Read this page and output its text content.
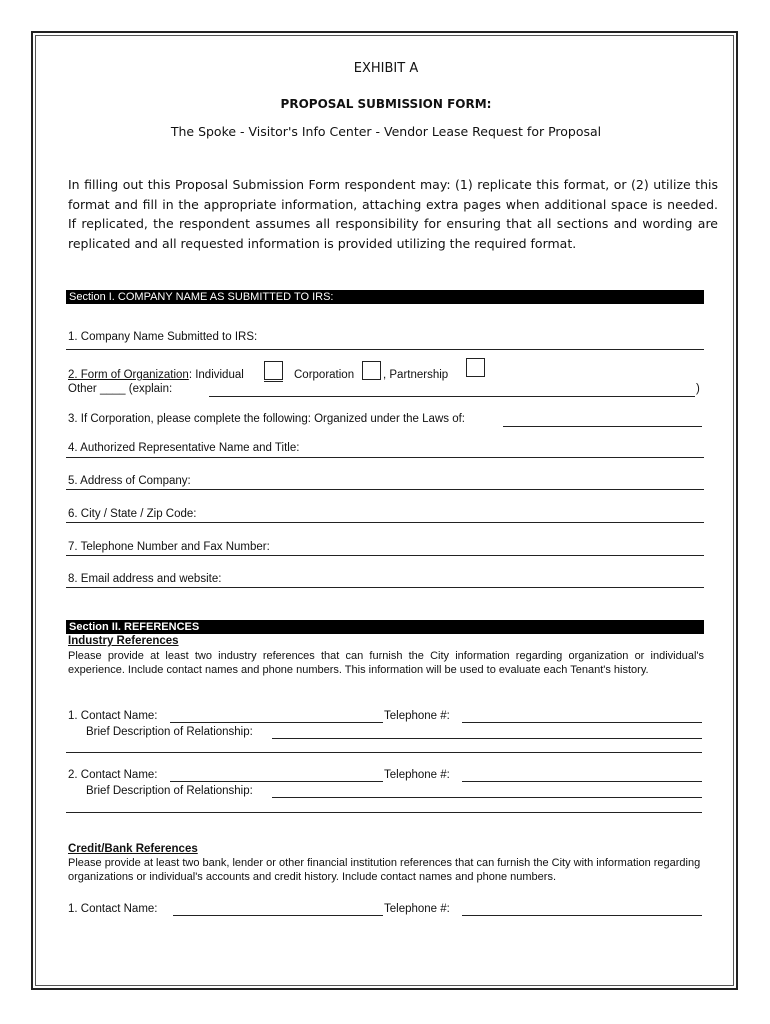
EXHIBIT A
PROPOSAL SUBMISSION FORM:
The Spoke - Visitor's Info Center - Vendor Lease Request for Proposal
In filling out this Proposal Submission Form respondent may: (1) replicate this format, or (2) utilize this format and fill in the appropriate information, attaching extra pages when additional space is needed. If replicated, the respondent assumes all responsibility for ensuring that all sections and wording are replicated and all requested information is provided utilizing the required format.
Section I. COMPANY NAME AS SUBMITTED TO IRS:
1. Company Name Submitted to IRS:
2. Form of Organization: Individual	Corporation	, Partnership
Other ____ (explain:	)
3. If Corporation, please complete the following: Organized under the Laws of:
4. Authorized Representative Name and Title:
5. Address of Company:
6. City / State / Zip Code:
7. Telephone Number and Fax Number:
8. Email address and website:
Section II. REFERENCES
Industry References
Please provide at least two industry references that can furnish the City information regarding organization or individual's experience. Include contact names and phone numbers. This information will be used to evaluate each Tenant's history.
1. Contact Name:	Telephone #:
Brief Description of Relationship:
2. Contact Name:	Telephone #:
Brief Description of Relationship:
Credit/Bank References
Please provide at least two bank, lender or other financial institution references that can furnish the City with information regarding organizations or individual's accounts and credit history. Include contact names and phone numbers.
1. Contact Name:	Telephone #:
